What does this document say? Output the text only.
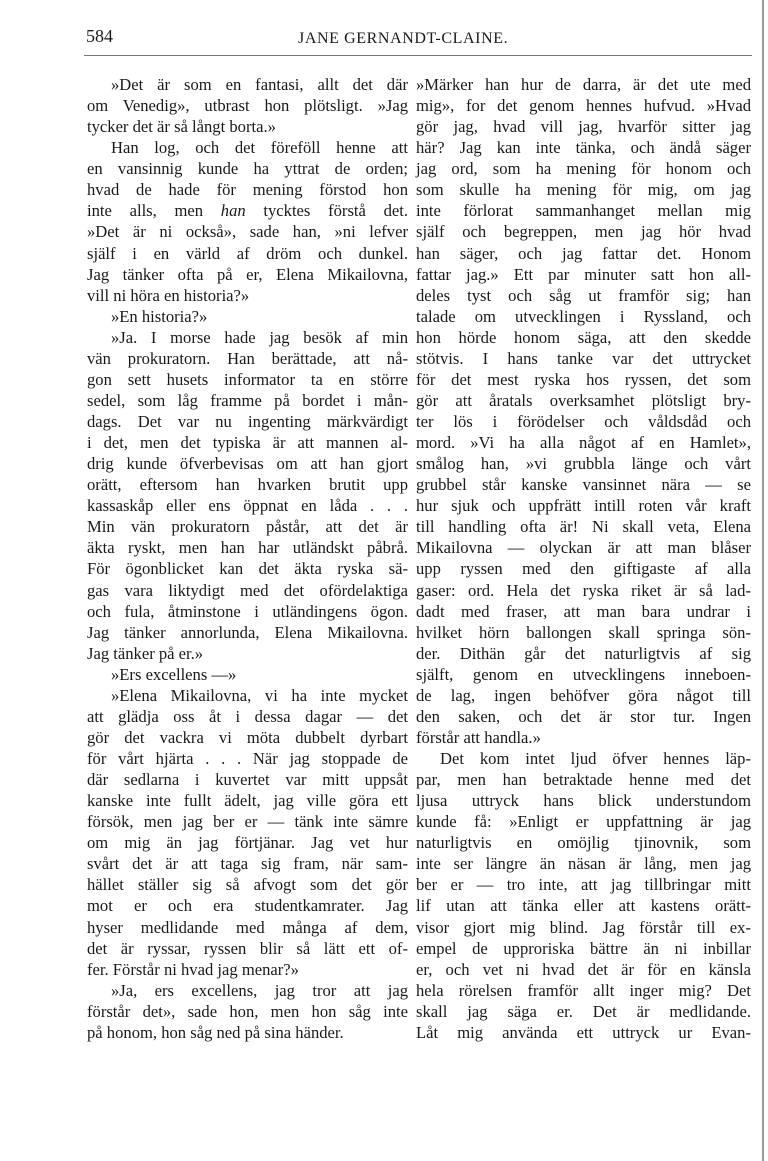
584	JANE GERNANDT-CLAINE.
»Det är som en fantasi, allt det där
om Venedig», utbrast hon plötsligt. »Jag
tycker det är så långt borta.»
Han log, och det föreföll henne att
en vansinnig kunde ha yttrat de orden;
hvad de hade för mening förstod hon
inte alls, men han tycktes förstå det.
»Det är ni också», sade han, »ni lefver
själf i en värld af dröm och dunkel.
Jag tänker ofta på er, Elena Mikailovna,
vill ni höra en historia?»
»En historia?»
»Ja. I morse hade jag besök af min
vän prokuratorn. Han berättade, att nå-
gon sett husets informator ta en större
sedel, som låg framme på bordet i mån-
dags. Det var nu ingenting märkvärdigt
i det, men det typiska är att mannen al-
drig kunde öfverbevisas om att han gjort
orätt, eftersom han hvarken brutit upp
kassaskåp eller ens öppnat en låda . . .
Min vän prokuratorn påstår, att det är
äkta ryskt, men han har utländskt påbrå.
För ögonblicket kan det äkta ryska sä-
gas vara liktydigt med det ofördelaktiga
och fula, åtminstone i utländingens ögon.
Jag tänker annorlunda, Elena Mikailovna.
Jag tänker på er.»
»Ers excellens —»
»Elena Mikailovna, vi ha inte mycket
att glädja oss åt i dessa dagar — det
gör det vackra vi möta dubbelt dyrbart
för vårt hjärta . . . När jag stoppade de
där sedlarna i kuvertet var mitt uppsåt
kanske inte fullt ädelt, jag ville göra ett
försök, men jag ber er — tänk inte sämre
om mig än jag förtjänar. Jag vet hur
svårt det är att taga sig fram, när sam-
hället ställer sig så afvogt som det gör
mot er och era studentkamrater. Jag
hyser medlidande med många af dem,
det är ryssar, ryssen blir så lätt ett of-
fer. Förstår ni hvad jag menar?»
»Ja, ers excellens, jag tror att jag
förstår det», sade hon, men hon såg inte
på honom, hon såg ned på sina händer.
»Märker han hur de darra, är det ute med
mig», for det genom hennes hufvud. »Hvad
gör jag, hvad vill jag, hvarför sitter jag
här? Jag kan inte tänka, och ändå säger
jag ord, som ha mening för honom och
som skulle ha mening för mig, om jag
inte förlorat sammanhanget mellan mig
själf och begreppen, men jag hör hvad
han säger, och jag fattar det. Honom
fattar jag.» Ett par minuter satt hon all-
deles tyst och såg ut framför sig; han
talade om utvecklingen i Ryssland, och
hon hörde honom säga, att den skedde
stötvis. I hans tanke var det uttrycket
för det mest ryska hos ryssen, det som
gör att åratals overksamhet plötsligt bry-
ter lös i förödelser och våldsdåd och
mord. »Vi ha alla något af en Hamlet»,
smålog han, »vi grubbla länge och vårt
grubbel står kanske vansinnet nära — se
hur sjuk och uppfrätt intill roten vår kraft
till handling ofta är! Ni skall veta, Elena
Mikailovna — olyckan är att man blåser
upp ryssen med den giftigaste af alla
gaser: ord. Hela det ryska riket är så lad-
dadt med fraser, att man bara undrar i
hvilket hörn ballongen skall springa sön-
der. Dithän går det naturligtvis af sig
själft, genom en utvecklingens inneboen-
de lag, ingen behöfver göra något till
den saken, och det är stor tur. Ingen
förstår att handla.»
Det kom intet ljud öfver hennes läp-
par, men han betraktade henne med det
ljusa uttryck hans blick understundom
kunde få: »Enligt er uppfattning är jag
naturligtvis en omöjlig tjinovnik, som
inte ser längre än näsan är lång, men jag
ber er — tro inte, att jag tillbringar mitt
lif utan att tänka eller att kastens orätt-
visor gjort mig blind. Jag förstår till ex-
empel de upproriska bättre än ni inbillar
er, och vet ni hvad det är för en känsla
hela rörelsen framför allt inger mig? Det
skall jag säga er. Det är medlidande.
Låt mig använda ett uttryck ur Evan-
